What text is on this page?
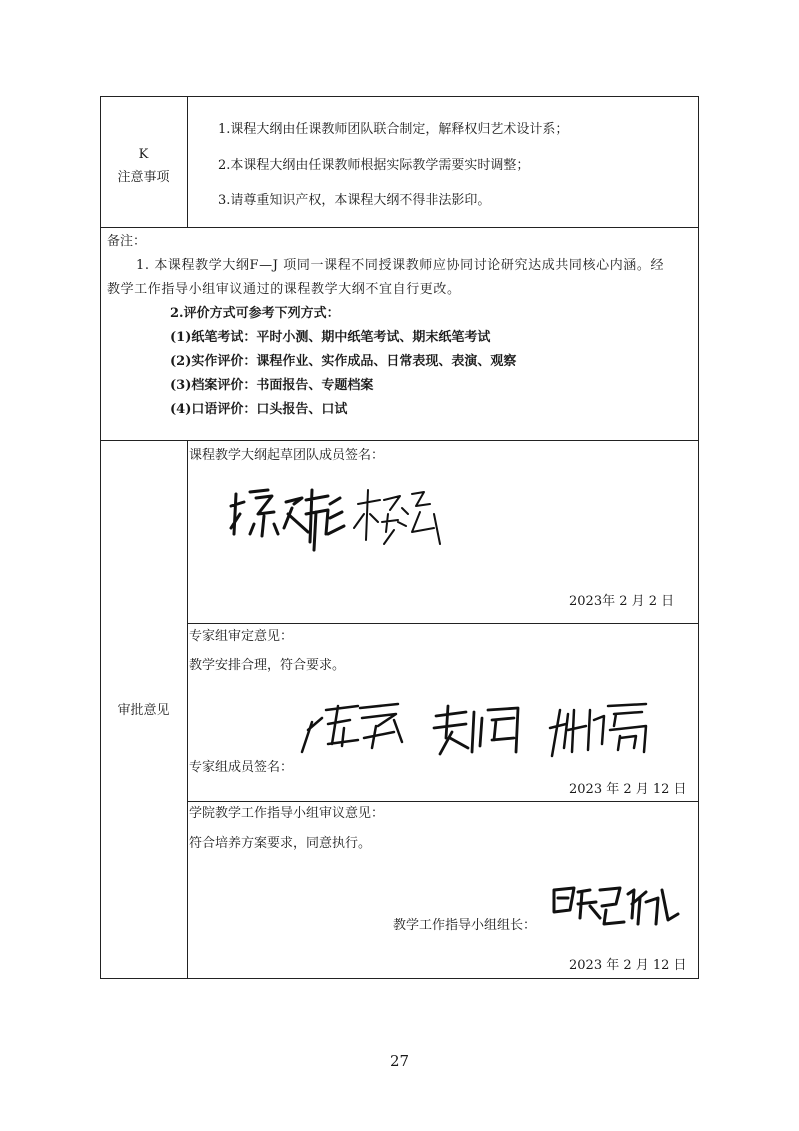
K
注意事项
1.课程大纲由任课教师团队联合制定，解释权归艺术设计系；
2.本课程大纲由任课教师根据实际教学需要实时调整；
3.请尊重知识产权，本课程大纲不得非法影印。
备注：
1. 本课程教学大纲F—J 项同一课程不同授课教师应协同讨论研究达成共同核心内涵。经
教学工作指导小组审议通过的课程教学大纲不宜自行更改。
2.评价方式可参考下列方式：
(1)纸笔考试：平时小测、期中纸笔考试、期末纸笔考试
(2)实作评价：课程作业、实作成品、日常表现、表演、观察
(3)档案评价：书面报告、专题档案
(4)口语评价：口头报告、口试
审批意见
课程教学大纲起草团队成员签名：
2023年 2 月 2 日
专家组审定意见：
教学安排合理，符合要求。
专家组成员签名：
2023 年 2 月 12 日
学院教学工作指导小组审议意见：
符合培养方案要求，同意执行。
教学工作指导小组组长：
2023 年 2 月 12 日
27
